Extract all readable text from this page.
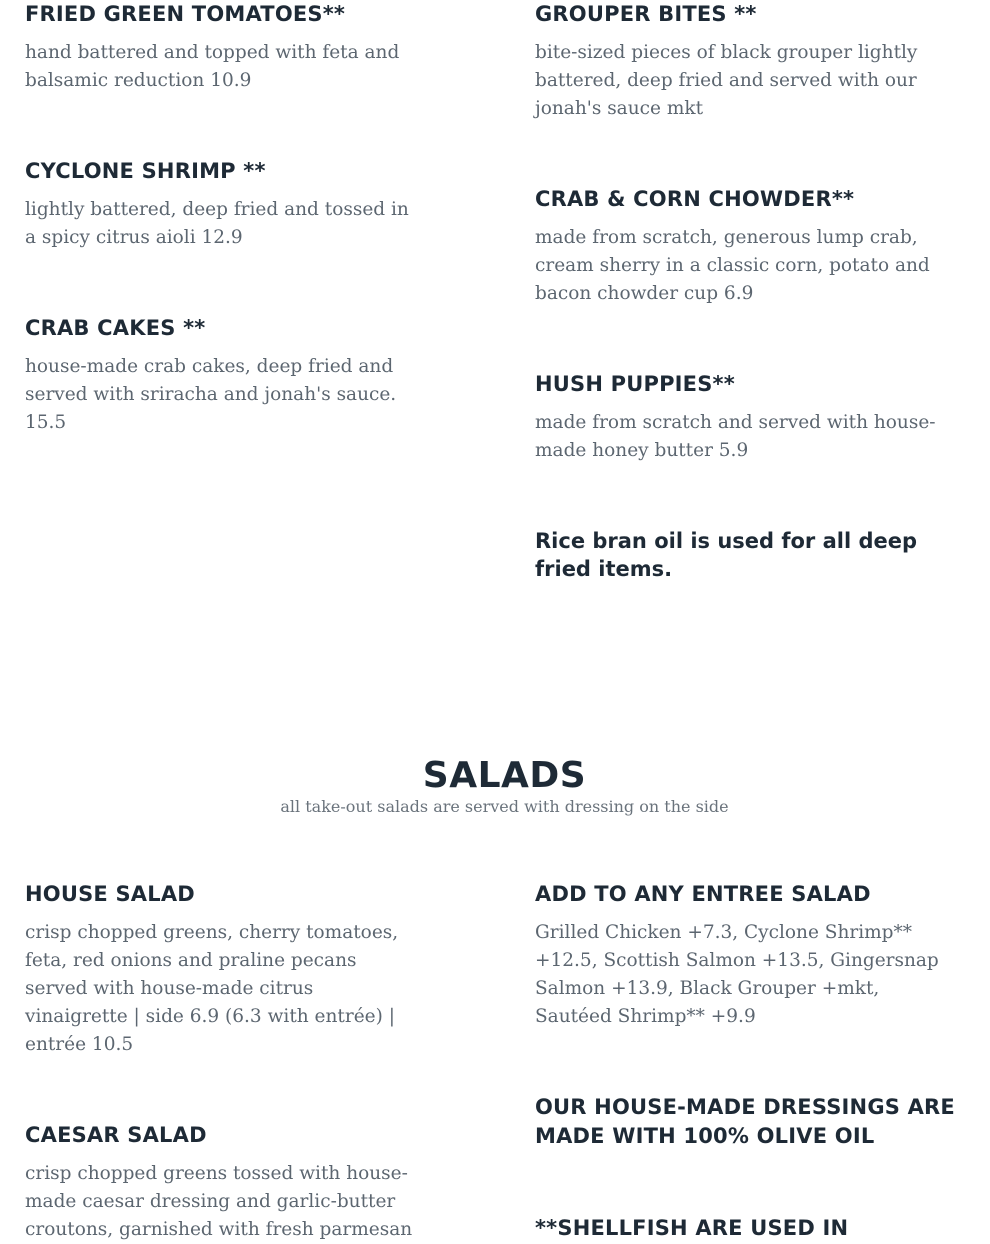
FRIED GREEN TOMATOES**
hand battered and topped with feta and balsamic reduction 10.9
CYCLONE SHRIMP **
lightly battered, deep fried and tossed in a spicy citrus aioli 12.9
CRAB CAKES **
house-made crab cakes, deep fried and served with sriracha and jonah's sauce. 15.5
GROUPER BITES **
bite-sized pieces of black grouper lightly battered, deep fried and served with our jonah's sauce mkt
CRAB & CORN CHOWDER**
made from scratch, generous lump crab, cream sherry in a classic corn, potato and bacon chowder cup 6.9
HUSH PUPPIES**
made from scratch and served with house-made honey butter 5.9
Rice bran oil is used for all deep fried items.
SALADS
all take-out salads are served with dressing on the side
HOUSE SALAD
crisp chopped greens, cherry tomatoes, feta, red onions and praline pecans served with house-made citrus vinaigrette | side 6.9 (6.3 with entrée) | entrée 10.5
CAESAR SALAD
crisp chopped greens tossed with house-made caesar dressing and garlic-butter croutons, garnished with fresh parmesan
ADD TO ANY ENTREE SALAD
Grilled Chicken +7.3, Cyclone Shrimp** +12.5, Scottish Salmon +13.5, Gingersnap Salmon +13.9, Black Grouper +mkt, Sautéed Shrimp** +9.9
OUR HOUSE-MADE DRESSINGS ARE MADE WITH 100% OLIVE OIL
**SHELLFISH ARE USED IN
